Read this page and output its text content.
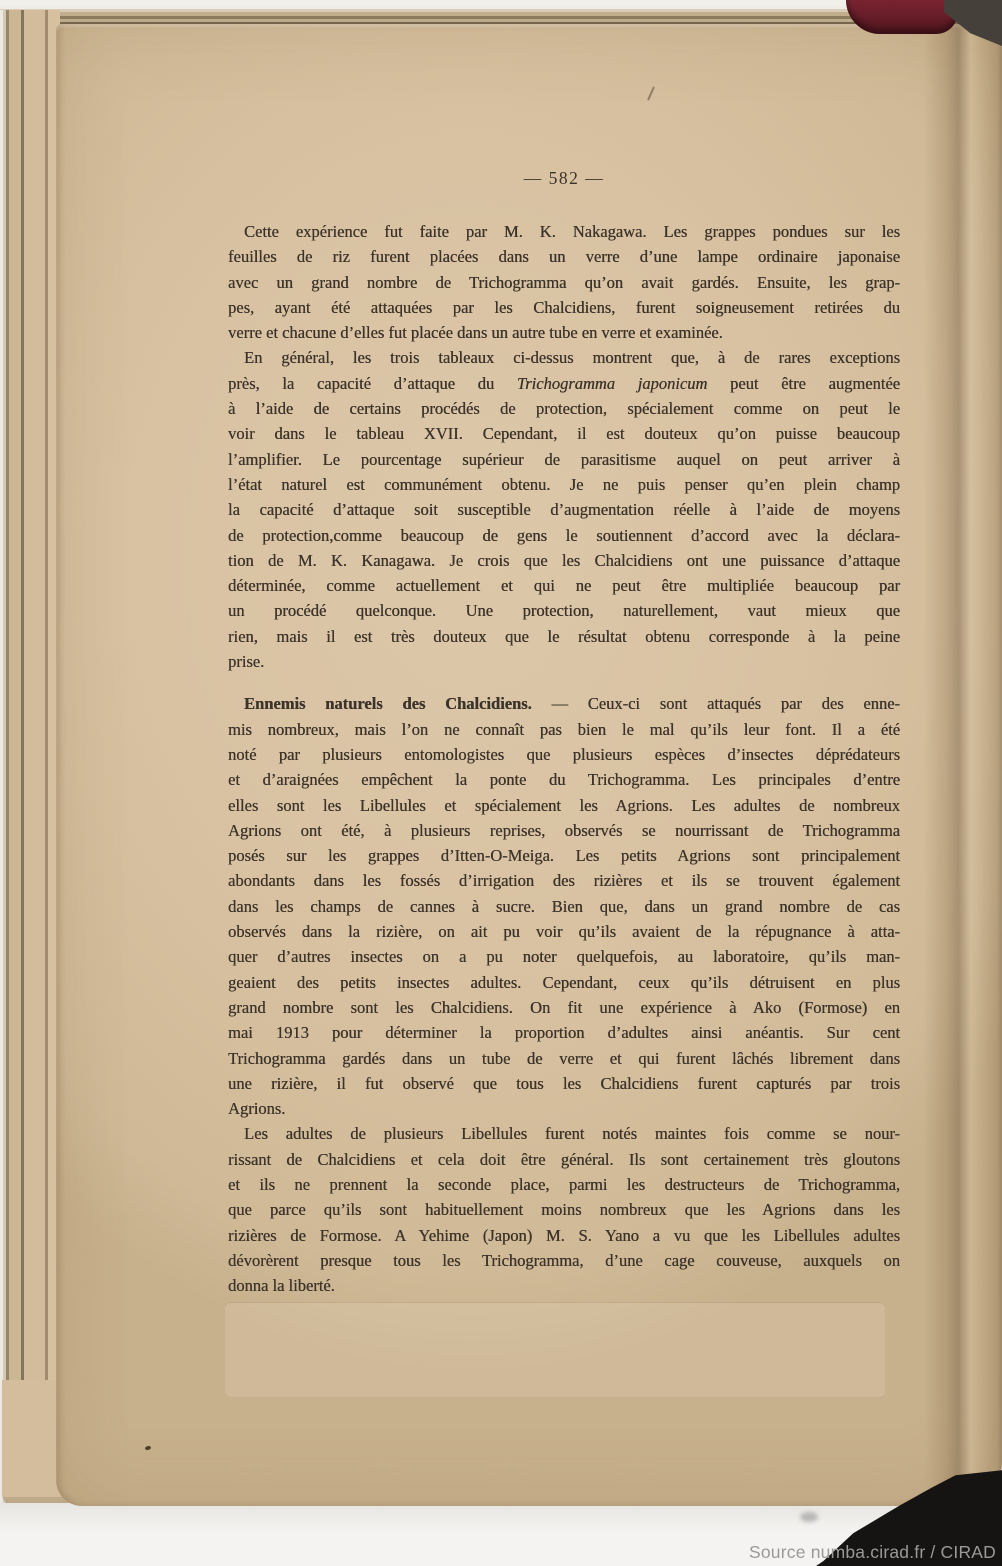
— 582 —
Cette expérience fut faite par M. K. Nakagawa. Les grappes pondues sur les
feuilles de riz furent placées dans un verre d’une lampe ordinaire japonaise
avec un grand nombre de Trichogramma qu’on avait gardés. Ensuite, les grap-
pes, ayant été attaquées par les Chalcidiens, furent soigneusement retirées du
verre et chacune d’elles fut placée dans un autre tube en verre et examinée.
En général, les trois tableaux ci-dessus montrent que, à de rares exceptions
près, la capacité d’attaque du Trichogramma japonicum peut être augmentée
à l’aide de certains procédés de protection, spécialement comme on peut le
voir dans le tableau XVII. Cependant, il est douteux qu’on puisse beaucoup
l’amplifier. Le pourcentage supérieur de parasitisme auquel on peut arriver à
l’état naturel est communément obtenu. Je ne puis penser qu’en plein champ
la capacité d’attaque soit susceptible d’augmentation réelle à l’aide de moyens
de protection,comme beaucoup de gens le soutiennent d’accord avec la déclara-
tion de M. K. Kanagawa. Je crois que les Chalcidiens ont une puissance d’attaque
déterminée, comme actuellement et qui ne peut être multipliée beaucoup par
un procédé quelconque. Une protection, naturellement, vaut mieux que
rien, mais il est très douteux que le résultat obtenu corresponde à la peine
prise.
Ennemis naturels des Chalcidiens. — Ceux-ci sont attaqués par des enne-
mis nombreux, mais l’on ne connaît pas bien le mal qu’ils leur font. Il a été
noté par plusieurs entomologistes que plusieurs espèces d’insectes déprédateurs
et d’araignées empêchent la ponte du Trichogramma. Les principales d’entre
elles sont les Libellules et spécialement les Agrions. Les adultes de nombreux
Agrions ont été, à plusieurs reprises, observés se nourrissant de Trichogramma
posés sur les grappes d’Itten-O-Meiga. Les petits Agrions sont principalement
abondants dans les fossés d’irrigation des rizières et ils se trouvent également
dans les champs de cannes à sucre. Bien que, dans un grand nombre de cas
observés dans la rizière, on ait pu voir qu’ils avaient de la répugnance à atta-
quer d’autres insectes on a pu noter quelquefois, au laboratoire, qu’ils man-
geaient des petits insectes adultes. Cependant, ceux qu’ils détruisent en plus
grand nombre sont les Chalcidiens. On fit une expérience à Ako (Formose) en
mai 1913 pour déterminer la proportion d’adultes ainsi anéantis. Sur cent
Trichogramma gardés dans un tube de verre et qui furent lâchés librement dans
une rizière, il fut observé que tous les Chalcidiens furent capturés par trois
Agrions.
Les adultes de plusieurs Libellules furent notés maintes fois comme se nour-
rissant de Chalcidiens et cela doit être général. Ils sont certainement très gloutons
et ils ne prennent la seconde place, parmi les destructeurs de Trichogramma,
que parce qu’ils sont habituellement moins nombreux que les Agrions dans les
rizières de Formose. A Yehime (Japon) M. S. Yano a vu que les Libellules adultes
dévorèrent presque tous les Trichogramma, d’une cage couveuse, auxquels on
donna la liberté.
Source numba.cirad.fr / CIRAD
